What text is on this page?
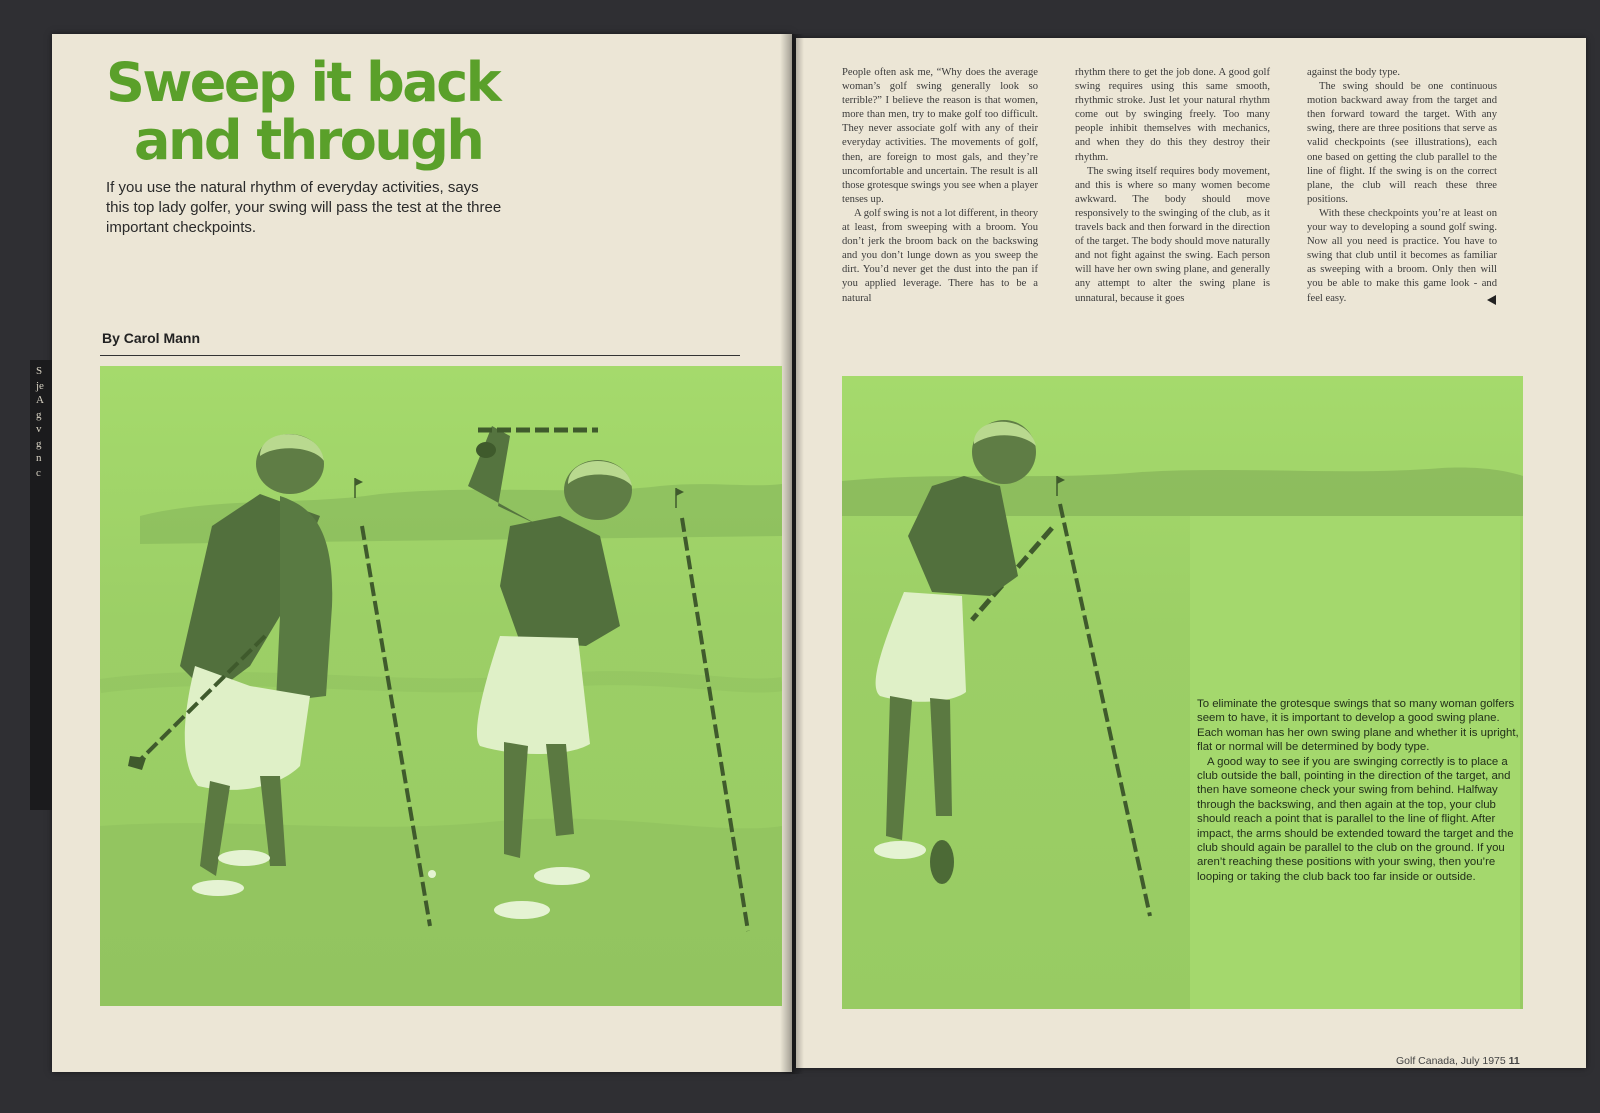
S
je
A
g
v
g
n
c
Sweep it back
and through
If you use the natural rhythm of everyday activities, says this top lady golfer, your swing will pass the test at the three important checkpoints.
By Carol Mann

To eliminate the grotesque swings that so many woman golfers seem to have, it is important to develop a good swing plane. Each woman has her own swing plane and whether it is upright, flat or normal will be determined by body type.

A good way to see if you are swinging correctly is to place a club outside the ball, pointing in the direction of the target, and then have someone check your swing from behind. Halfway through the backswing, and then again at the top, your club should reach a point that is parallel to the line of flight. After impact, the arms should be extended toward the target and the club should again be parallel to the club on the ground. If you aren’t reaching these positions with your swing, then you’re looping or taking the club back too far inside or outside.

People often ask me, “Why does the average woman’s golf swing generally look so terrible?” I believe the reason is that women, more than men, try to make golf too difficult. They never associate golf with any of their everyday activities. The movements of golf, then, are foreign to most gals, and they’re uncomfortable and uncertain. The result is all those grotesque swings you see when a player tenses up.

A golf swing is not a lot different, in theory at least, from sweeping with a broom. You don’t jerk the broom back on the backswing and you don’t lunge down as you sweep the dirt. You’d never get the dust into the pan if you applied leverage. There has to be a natural

rhythm there to get the job done. A good golf swing requires using this same smooth, rhythmic stroke. Just let your natural rhythm come out by swinging freely. Too many people inhibit themselves with mechanics, and when they do this they destroy their rhythm.

The swing itself requires body movement, and this is where so many women become awkward. The body should move responsively to the swinging of the club, as it travels back and then forward in the direction of the target. The body should move naturally and not fight against the swing. Each person will have her own swing plane, and generally any attempt to alter the swing plane is unnatural, because it goes

against the body type.

The swing should be one continuous motion backward away from the target and then forward toward the target. With any swing, there are three positions that serve as valid checkpoints (see illustrations), each one based on getting the club parallel to the line of flight. If the swing is on the correct plane, the club will reach these three positions.

With these checkpoints you’re at least on your way to developing a sound golf swing. Now all you need is practice. You have to swing that club until it becomes as familiar as sweeping with a broom. Only then will you be able to make this game look - and feel easy.

Golf Canada, July 1975 11
